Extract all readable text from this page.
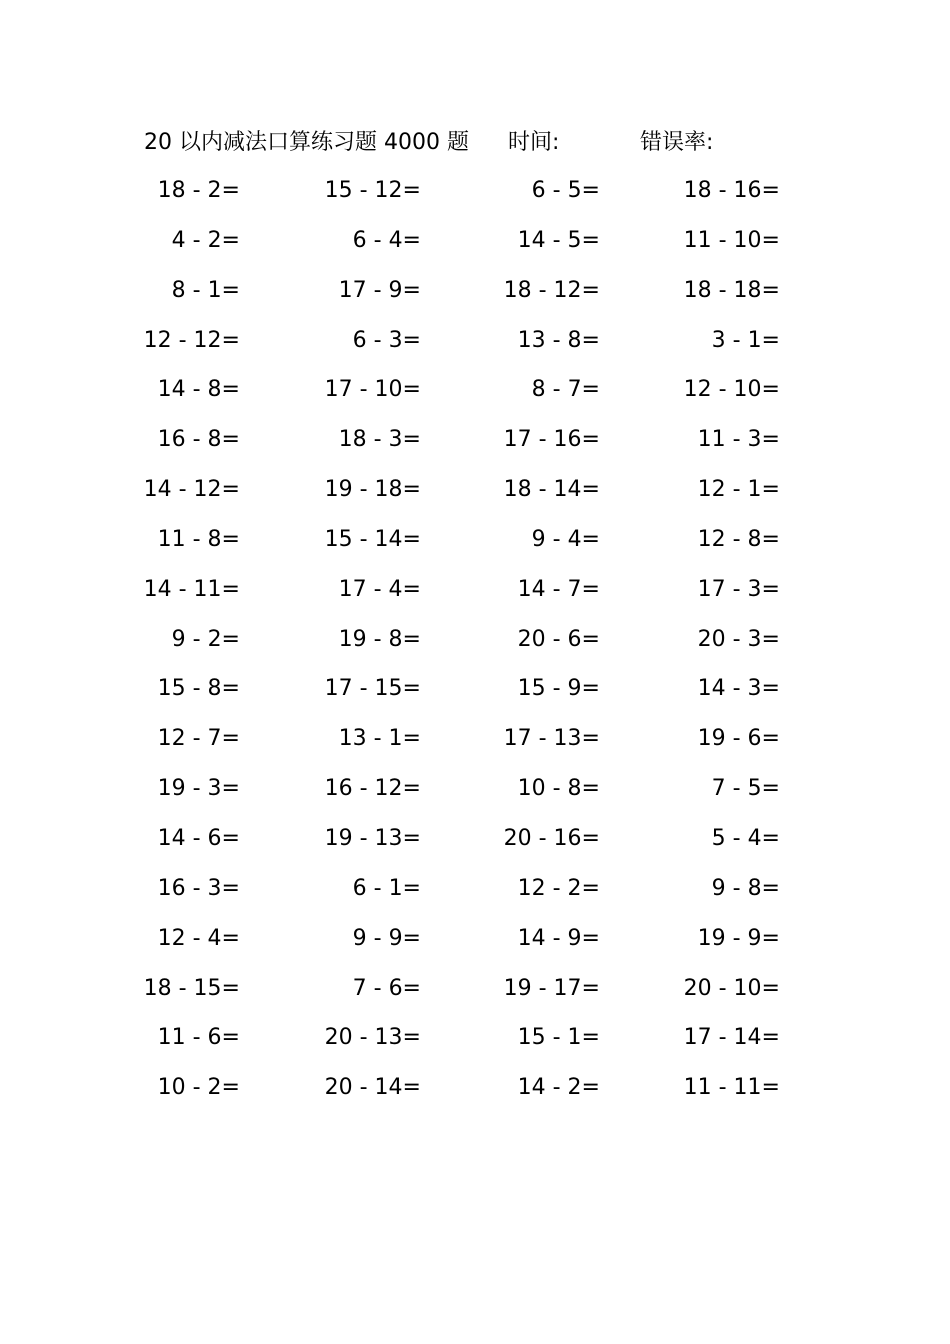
20 以内减法口算练习题 4000 题 时间:	错误率:
18 - 2=	15 - 12=	6 - 5=	18 - 16=
4 - 2=	6 - 4=	14 - 5=	11 - 10=
8 - 1=	17 - 9=	18 - 12=	18 - 18=
12 - 12=	6 - 3=	13 - 8=	3 - 1=
14 - 8=	17 - 10=	8 - 7=	12 - 10=
16 - 8=	18 - 3=	17 - 16=	11 - 3=
14 - 12=	19 - 18=	18 - 14=	12 - 1=
11 - 8=	15 - 14=	9 - 4=	12 - 8=
14 - 11=	17 - 4=	14 - 7=	17 - 3=
9 - 2=	19 - 8=	20 - 6=	20 - 3=
15 - 8=	17 - 15=	15 - 9=	14 - 3=
12 - 7=	13 - 1=	17 - 13=	19 - 6=
19 - 3=	16 - 12=	10 - 8=	7 - 5=
14 - 6=	19 - 13=	20 - 16=	5 - 4=
16 - 3=	6 - 1=	12 - 2=	9 - 8=
12 - 4=	9 - 9=	14 - 9=	19 - 9=
18 - 15=	7 - 6=	19 - 17=	20 - 10=
11 - 6=	20 - 13=	15 - 1=	17 - 14=
10 - 2=	20 - 14=	14 - 2=	11 - 11=
